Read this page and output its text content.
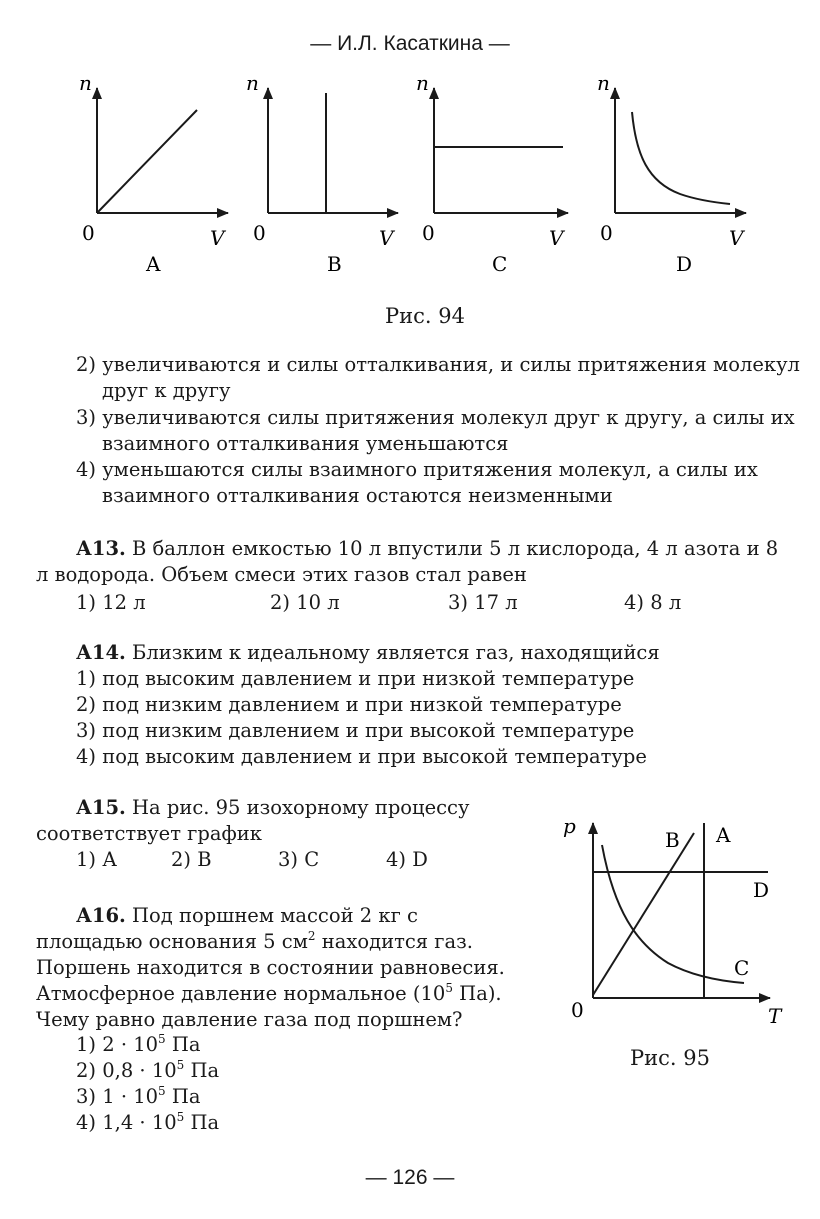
— И.Л. Касаткина —
n	n	n	n
0	0	0	0
V	V	V	V
A	B	C	D
Рис. 94
2) увеличиваются и силы отталкивания, и силы притяжения молекул друг к другу
3) увеличиваются силы притяжения молекул друг к другу, а силы их взаимного отталкивания уменьшаются
4) уменьшаются силы взаимного притяжения молекул, а силы их взаимного отталкивания остаются неизменными
А13. В баллон емкостью 10 л впустили 5 л кислорода, 4 л азота и 8 л водорода. Объем смеси этих газов стал равен
1) 12 л	2) 10 л	3) 17 л	4) 8 л
А14. Близким к идеальному является газ, находящийся
1) под высоким давлением и при низкой температуре
2) под низким давлением и при низкой температуре
3) под низким давлением и при высокой температуре
4) под высоким давлением и при высокой температуре
А15. На рис. 95 изохорному процессу соответствует график
1) А	2) В	3) С	4) D
А16. Под поршнем массой 2 кг с площадью основания 5 $см^2$ находится газ. Поршень находится в состоянии равновесия. Атмосферное давление нормальное ($10^5$ Па). Чему равно давление газа под поршнем?
1) $2 \cdot 10^5$ Па
2) $0,8 \cdot 10^5$ Па
3) $1 \cdot 10^5$ Па
4) $1,4 \cdot 10^5$ Па
p
T
0
B A
D
C
Рис. 95
— 126 —
